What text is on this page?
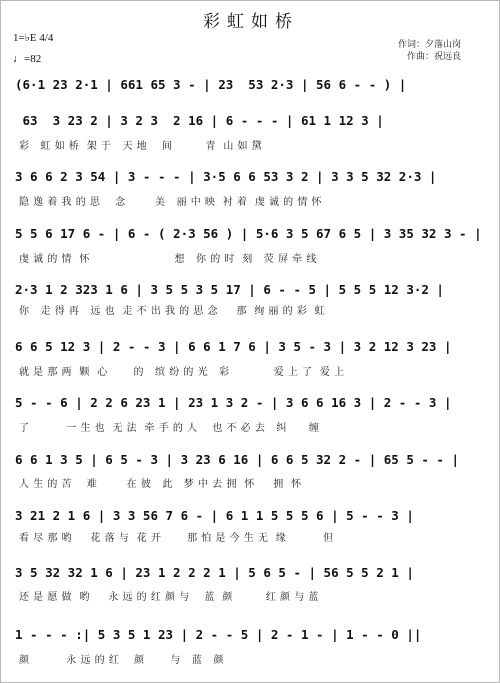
彩虹如桥
1=♭E 4/4
♩=82
作词：夕落山岗
作曲：祝远良
(6·1 23 2·1 | 661 65 3 - | 23  53 2·3 | 56 6 - - ) |
63  3 23 2 | 3 2 3  2 16 | 6 - - - | 61 1 12 3 |
彩   虹 如 桥  架 于   天 地    间         青  山 如 黛
3 6 6 2 3 54 | 3 - - - | 3·5 6 6 53 3 2 | 3 3 5 32 2·3 |
隐 逸 着 我 的 思    念        美   丽 中 映  衬 着  虔 诚 的 情 怀
5 5 6 17 6 - | 6 - ( 2·3 56 ) | 5·6 3 5 67 6 5 | 3 35 32 3 - |
虔 诚 的 情  怀                       想   你 的 时  刻   荧 屏 牵 线
2·3 1 2 323 1 6 | 3 5 5 3 5 17 | 6 - - 5 | 5 5 5 12 3·2 |
你   走 得 再   远 也  走 不 出 我 的 思 念     那  绚 丽 的 彩  虹
6 6 5 12 3 | 2 - - 3 | 6 6 1 7 6 | 3 5 - 3 | 3 2 12 3 23 |
就 是 那 两  颗  心       的   缤 纷 的 光   彩            爱 上 了  爱 上
5 - - 6 | 2 2 6 23 1 | 23 1 3 2 - | 3 6 6 16 3 | 2 - - 3 |
了          一 生 也  无 法  牵 手 的 人    也 不 必 去   纠      缠
6 6 1 3 5 | 6 5 - 3 | 3 23 6 16 | 6 6 5 32 2 - | 65 5 - - |
人 生 的 苦    难        在 彼   此   梦 中 去 拥  怀     拥  怀
3 21 2 1 6 | 3 3 56 7 6 - | 6 1 1 5 5 5 6 | 5 - - 3 |
看 尽 那 哟     花 落 与  花 开       那 怕 是 今 生 无  缘          但
3 5 32 32 1 6 | 23 1 2 2 2 1 | 5 6 5 - | 56 5 5 2 1 |
还 是 愿 做  哟     永 远 的 红 颜 与    蓝  颜         红 颜 与 蓝
1 - - - :| 5 3 5 1 23 | 2 - - 5 | 2 - 1 - | 1 - - 0 ||
颜          永 远 的 红    颜       与   蓝   颜
